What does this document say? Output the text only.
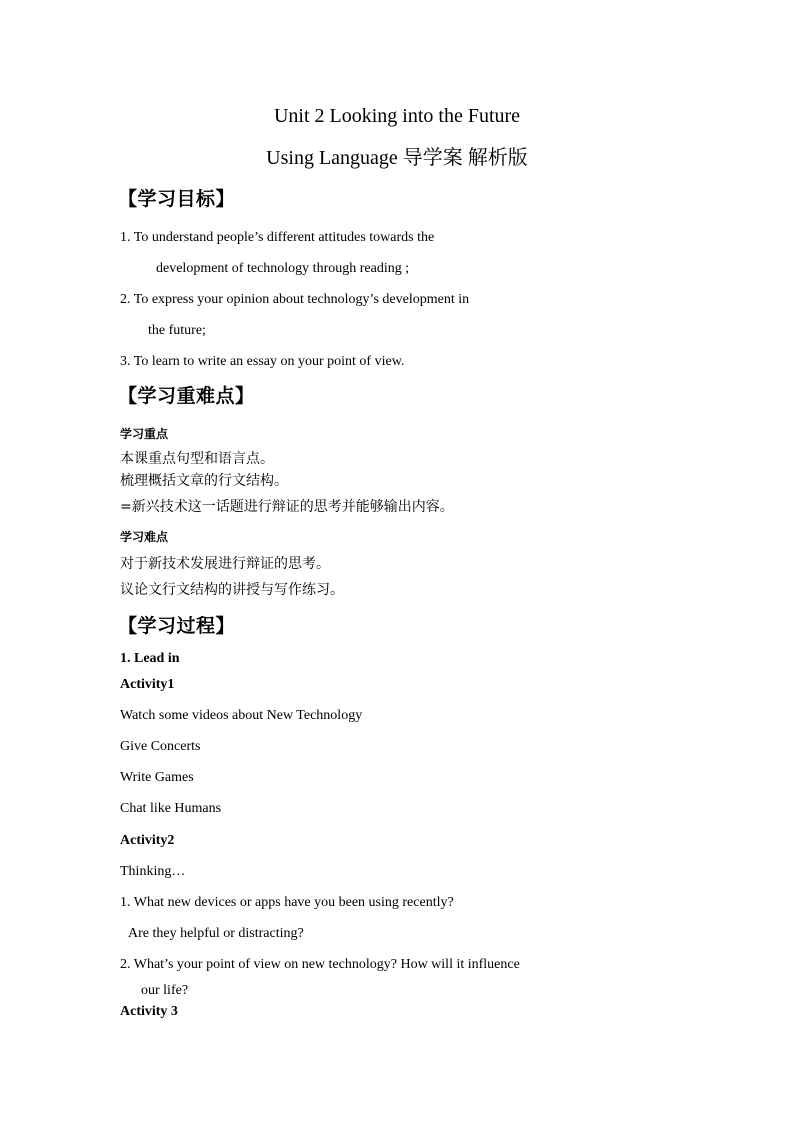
Unit 2 Looking into the Future
Using Language 导学案 解析版
【学习目标】
1. To understand people’s different attitudes towards the
development of technology through reading ;
2. To express your opinion about technology’s development in
the future;
3. To learn to write an essay on your point of view.
【学习重难点】
学习重点
本课重点句型和语言点。
梳理概括文章的行文结构。
=新兴技术这一话题进行辩证的思考并能够输出内容。
学习难点
对于新技术发展进行辩证的思考。
议论文行文结构的讲授与写作练习。
【学习过程】
1. Lead in
Activity1
Watch some videos about New Technology
Give Concerts
Write Games
Chat like Humans
Activity2
Thinking…
1. What new devices or apps have you been using recently?
Are they helpful or distracting?
2. What’s your point of view on new technology? How will it influence
our life?
Activity 3
